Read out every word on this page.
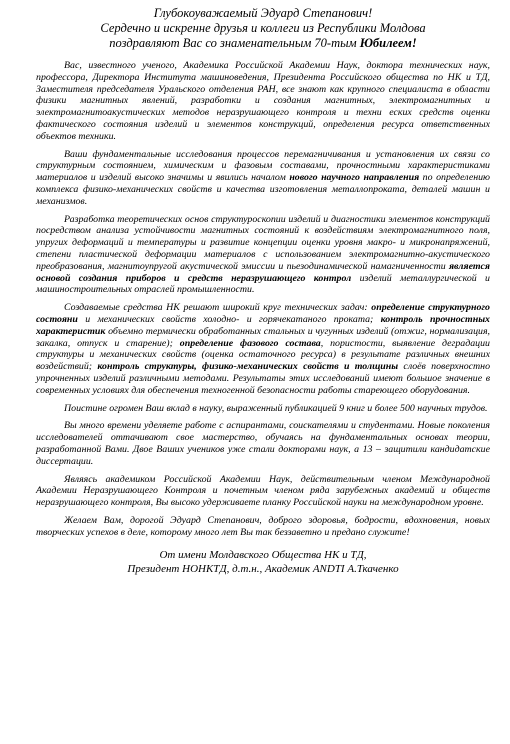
Глубокоуважаемый Эдуард Степанович!
Сердечно и искренне друзья и коллеги из Республики Молдова
поздравляют Вас со знаменательным 70-тым Юбилеем!

Вас, известного ученого, Академика Российской Академии Наук, доктора технических наук, профессора, Директора Института машиноведения, Президента Российского общества по НК и ТД, Заместителя председателя Уральского отделения РАН, все знают как крупного специалиста в области физики магнитных явлений, разработки и создания магнитных, электромагнитных и электромагнитоакустических методов неразрушающего контроля и техни еских средств оценки фактического состояния изделий и элементов конструкций, определения ресурса ответственных объектов техники.

Ваши фундаментальные исследования процессов перемагничивания и установления их связи со структурным состоянием, химическим и фазовым составами, прочностными характеристиками материалов и изделий высоко значимы и явились началом нового научного направления по определению комплекса физико-механических свойств и качества изготовления металлопроката, деталей машин и механизмов.

Разработка теоретических основ структуроскопии изделий и диагностики элементов конструкций посредством анализа устойчивости магнитных состояний к воздействиям электромагнитного поля, упругих деформаций и температуры и развитие концепции оценки уровня макро- и микронапряжений, степени пластической деформации материалов с использованием электромагнитно-акустического преобразования, магнитоупругой акустической эмиссии и пьезодинамической намагниченности является основой создания приборов и средств неразрушающего контрол изделий металлургической и машиностроительных отраслей промышленности.

Создаваемые средства НК решают широкий круг технических задач: определение структурного состояни и механических свойств холодно- и горячекатаного проката; контроль прочностных характеристик объемно термически обработанных стальных и чугунных изделий (отжиг, нормализация, закалка, отпуск и старение); определение фазового состава, пористости, выявление деградации структуры и механических свойств (оценка остаточного ресурса) в результате различных внешних воздействий; контроль структуры, физико-механических свойств и толщины слоёв поверхностно упрочненных изделий различными методами. Результаты этих исследований имеют большое значение в современных условиях для обеспечения техногенной безопасности работы стареющего оборудования.

Поистине огромен Ваш вклад в науку, выраженный публикацией 9 книг и более 500 научных трудов.

Вы много времени уделяете работе с аспирантами, соискателями и студентами. Новые поколения исследователей оттачивают свое мастерство, обучаясь на фундаментальных основах теории, разработанной Вами. Двое Ваших учеников уже стали докторами наук, а 13 – защитили кандидатские диссертации.

Являясь академиком Российской Академии Наук, действительным членом Международной Академии Неразрушающего Контроля и почетным членом ряда зарубежных академий и обществ неразрушающего контроля, Вы высоко удерживаете планку Российской науки на международном уровне.

Желаем Вам, дорогой Эдуард Степанович, доброго здоровья, бодрости, вдохновения, новых творческих успехов в деле, которому много лет Вы так беззаветно и предано служите!

От имени Молдавского Общества НК и ТД,
Президент НОНКТД, д.т.н., Академик ANDTI А.Ткаченко
